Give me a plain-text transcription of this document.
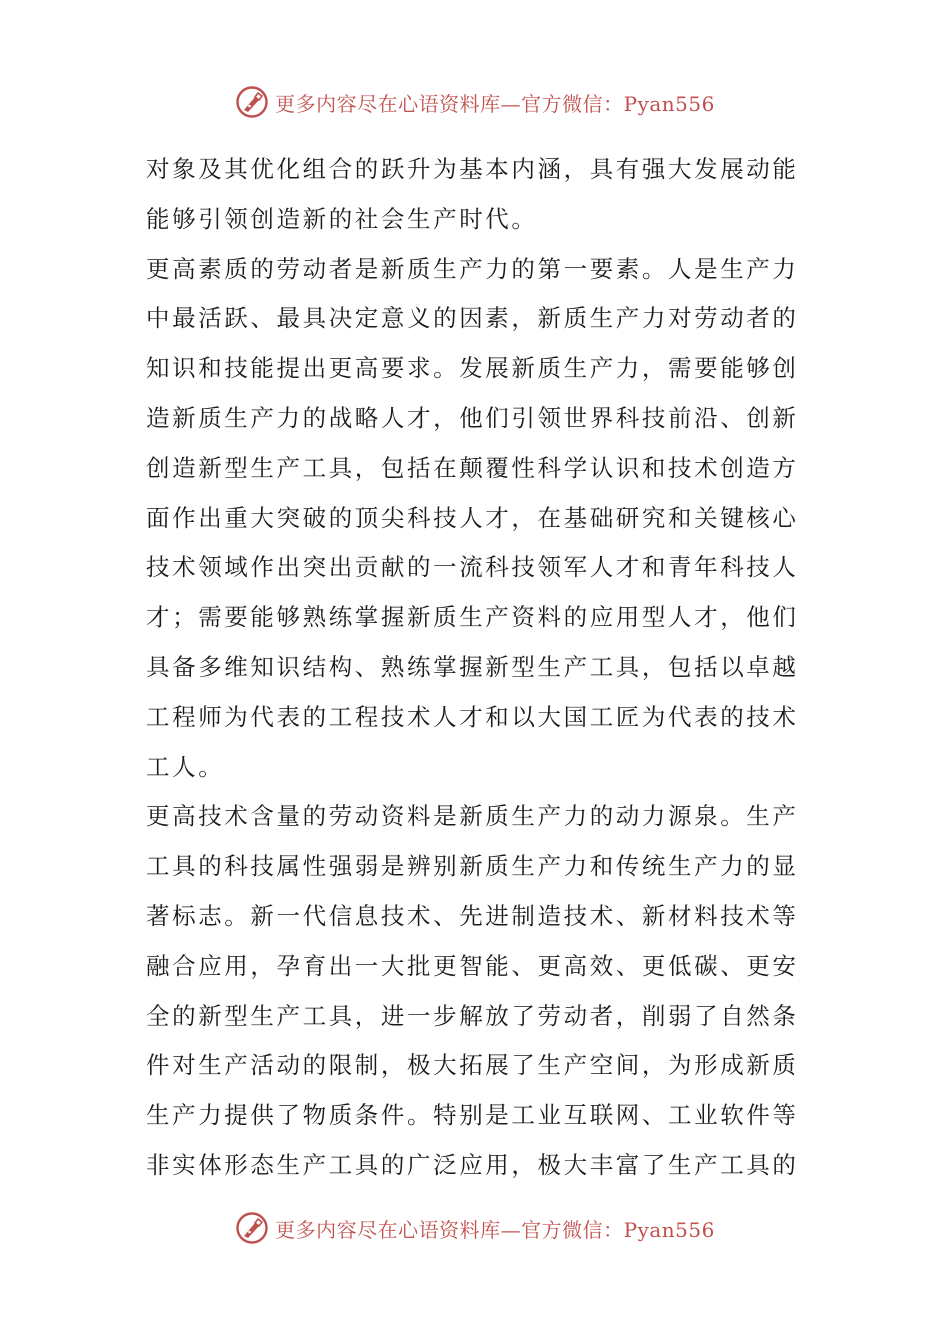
更多内容尽在心语资料库—官方微信：Pyan556
对象及其优化组合的跃升为基本内涵，具有强大发展动能
能够引领创造新的社会生产时代。
更高素质的劳动者是新质生产力的第一要素。人是生产力
中最活跃、最具决定意义的因素，新质生产力对劳动者的
知识和技能提出更高要求。发展新质生产力，需要能够创
造新质生产力的战略人才，他们引领世界科技前沿、创新
创造新型生产工具，包括在颠覆性科学认识和技术创造方
面作出重大突破的顶尖科技人才，在基础研究和关键核心
技术领域作出突出贡献的一流科技领军人才和青年科技人
才；需要能够熟练掌握新质生产资料的应用型人才，他们
具备多维知识结构、熟练掌握新型生产工具，包括以卓越
工程师为代表的工程技术人才和以大国工匠为代表的技术
工人。
更高技术含量的劳动资料是新质生产力的动力源泉。生产
工具的科技属性强弱是辨别新质生产力和传统生产力的显
著标志。新一代信息技术、先进制造技术、新材料技术等
融合应用，孕育出一大批更智能、更高效、更低碳、更安
全的新型生产工具，进一步解放了劳动者，削弱了自然条
件对生产活动的限制，极大拓展了生产空间，为形成新质
生产力提供了物质条件。特别是工业互联网、工业软件等
非实体形态生产工具的广泛应用，极大丰富了生产工具的
更多内容尽在心语资料库—官方微信：Pyan556
